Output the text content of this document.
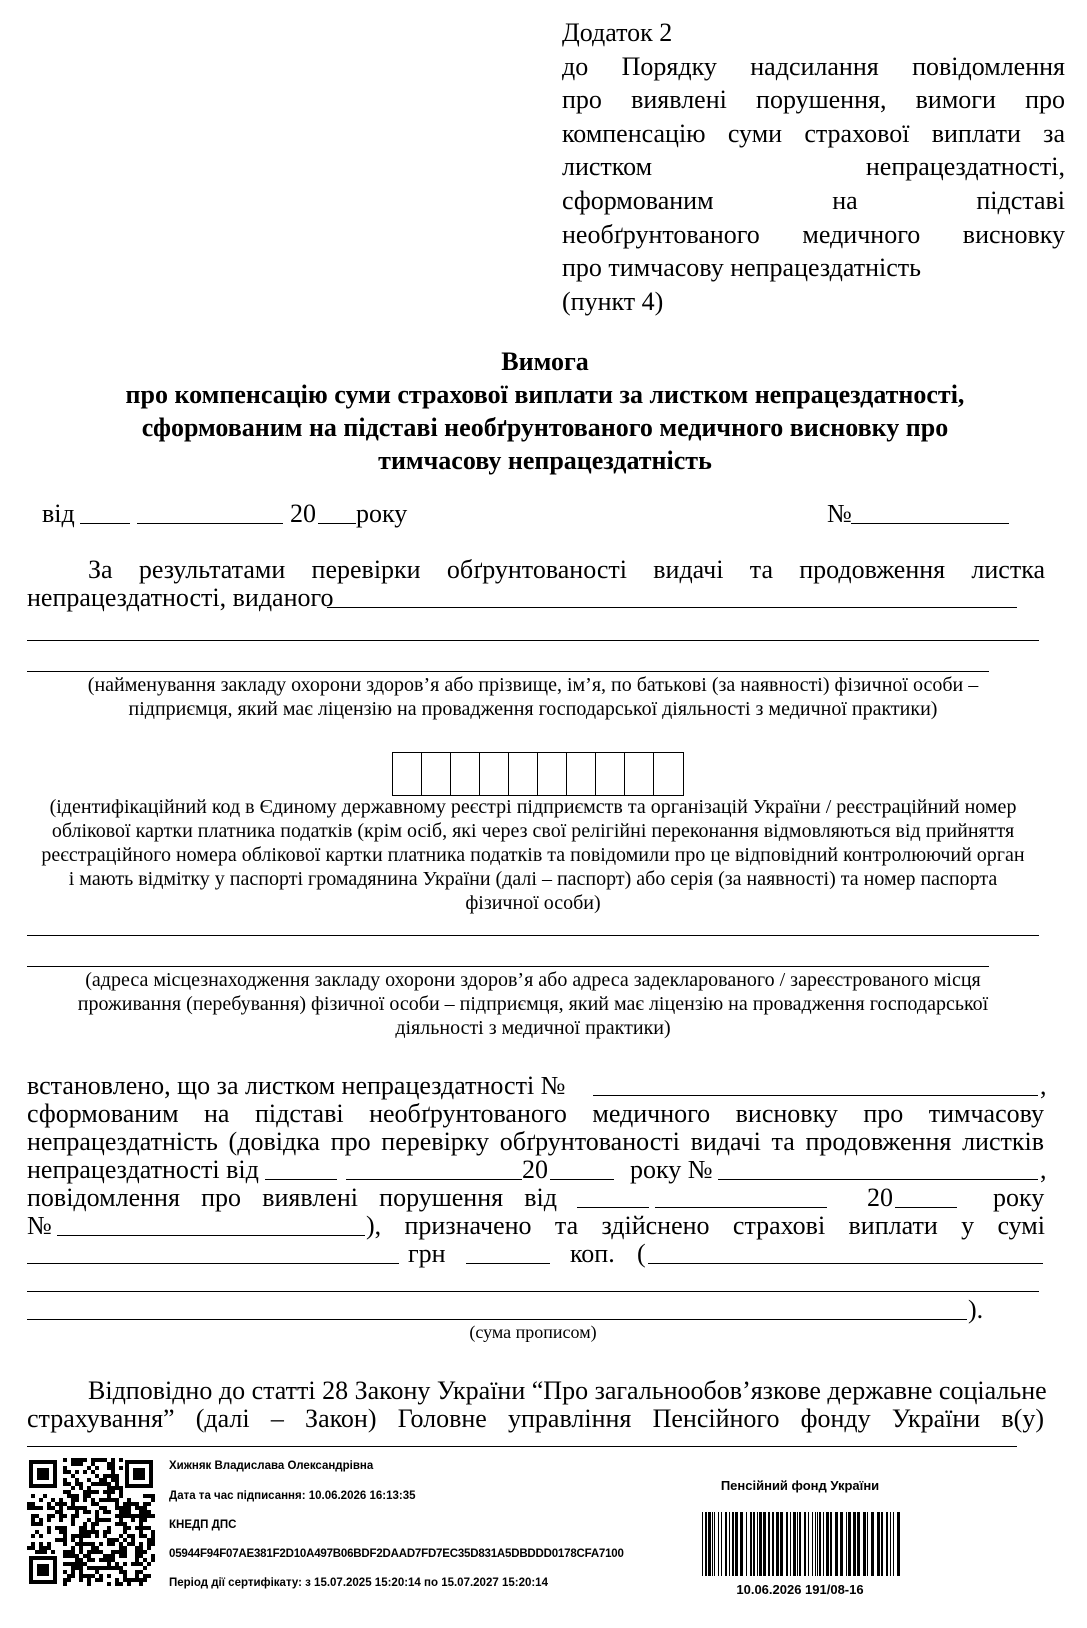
Додаток 2
до Порядку надсилання повідомлення
про виявлені порушення, вимоги про
компенсацію суми страхової виплати за
листком непрацездатності,
сформованим на підставі
необґрунтованого медичного висновку
про тимчасову непрацездатність
(пункт 4)
Вимога
про компенсацію суми страхової виплати за листком непрацездатності,
сформованим на підставі необґрунтованого медичного висновку про
тимчасову непрацездатність
від	20 року	№
За результатами перевірки обґрунтованості видачі та продовження листка
непрацездатності, виданого
(найменування закладу охорони здоров’я або прізвище, ім’я, по батькові (за наявності) фізичної особи –
підприємця, який має ліцензію на провадження господарської діяльності з медичної практики)
(ідентифікаційний код в Єдиному державному реєстрі підприємств та організацій України / реєстраційний номер
облікової картки платника податків (крім осіб, які через свої релігійні переконання відмовляються від прийняття
реєстраційного номера облікової картки платника податків та повідомили про це відповідний контролюючий орган
і мають відмітку у паспорті громадянина України (далі – паспорт) або серія (за наявності) та номер паспорта
фізичної особи)
(адреса місцезнаходження закладу охорони здоров’я або адреса задекларованого / зареєстрованого місця
проживання (перебування) фізичної особи – підприємця, який має ліцензію на провадження господарської
діяльності з медичної практики)
встановлено, що за листком непрацездатності №	,
сформованим на підставі необґрунтованого медичного висновку про тимчасову
непрацездатність (довідка про перевірку обґрунтованості видачі та продовження листків
непрацездатності від	20	року №	,
повідомлення про виявлені порушення від	20	року
№	), призначено та здійснено страхові виплати у сумі
грн	коп. (
).
(сума прописом)
Відповідно до статті 28 Закону України “Про загальнообов’язкове державне соціальне
страхування” (далі – Закон) Головне управління Пенсійного фонду України в(у)
Хижняк Владислава Олександрівна
Дата та час підписання: 10.06.2026 16:13:35
КНЕДП ДПС
05944F94F07AE381F2D10A497B06BDF2DAAD7FD7EC35D831A5DBDDD0178CFA7100
Період дії сертифікату: з 15.07.2025 15:20:14 по 15.07.2027 15:20:14
Пенсійний фонд України
10.06.2026 191/08-16
